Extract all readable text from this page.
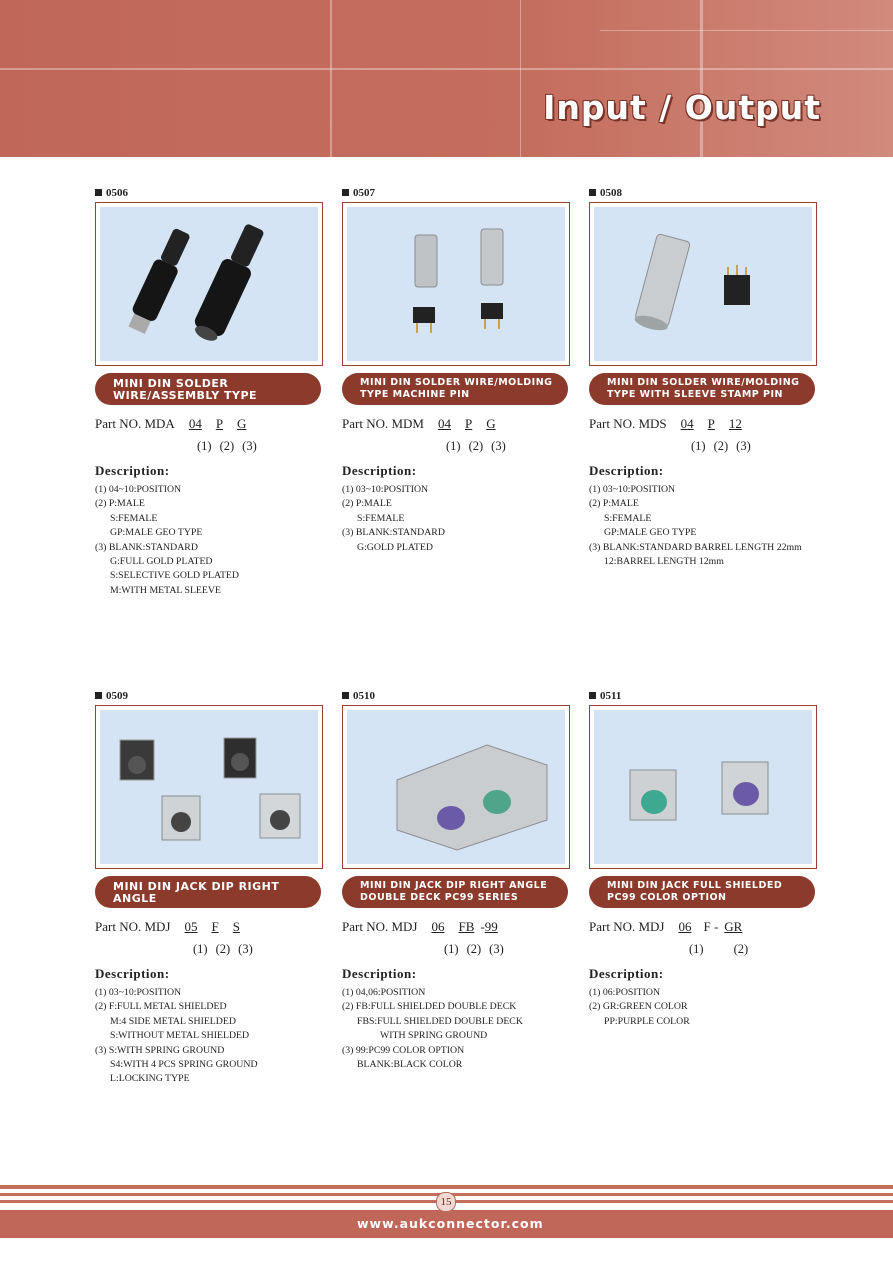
Input / Output
0506
MINI DIN SOLDER
WIRE/ASSEMBLY TYPE
Part NO. MDA 04 P G
(1) (2) (3)
Description:
(1) 04~10:POSITION
(2) P:MALE
S:FEMALE
GP:MALE GEO TYPE
(3) BLANK:STANDARD
G:FULL GOLD PLATED
S:SELECTIVE GOLD PLATED
M:WITH METAL SLEEVE
0507
MINI DIN SOLDER WIRE/MOLDING
TYPE MACHINE PIN
Part NO. MDM 04 P G
(1) (2) (3)
Description:
(1) 03~10:POSITION
(2) P:MALE
S:FEMALE
(3) BLANK:STANDARD
G:GOLD PLATED
0508
MINI DIN SOLDER WIRE/MOLDING
TYPE WITH SLEEVE STAMP PIN
Part NO. MDS 04 P 12
(1) (2) (3)
Description:
(1) 03~10:POSITION
(2) P:MALE
S:FEMALE
GP:MALE GEO TYPE
(3) BLANK:STANDARD BARREL LENGTH 22mm
12:BARREL LENGTH 12mm
0509
MINI DIN JACK DIP RIGHT
ANGLE
Part NO. MDJ 05 F S
(1) (2) (3)
Description:
(1) 03~10:POSITION
(2) F:FULL METAL SHIELDED
M:4 SIDE METAL SHIELDED
S:WITHOUT METAL SHIELDED
(3) S:WITH SPRING GROUND
S4:WITH 4 PCS SPRING GROUND
L:LOCKING TYPE
0510
MINI DIN JACK DIP RIGHT ANGLE
DOUBLE DECK PC99 SERIES
Part NO. MDJ 06 FB -99
(1) (2) (3)
Description:
(1) 04,06:POSITION
(2) FB:FULL SHIELDED DOUBLE DECK
FBS:FULL SHIELDED DOUBLE DECK
WITH SPRING GROUND
(3) 99:PC99 COLOR OPTION
BLANK:BLACK COLOR
0511
MINI DIN JACK FULL SHIELDED
PC99 COLOR OPTION
Part NO. MDJ 06 F - GR
(1) (2)
Description:
(1) 06:POSITION
(2) GR:GREEN COLOR
PP:PURPLE COLOR
www.aukconnector.com
15
